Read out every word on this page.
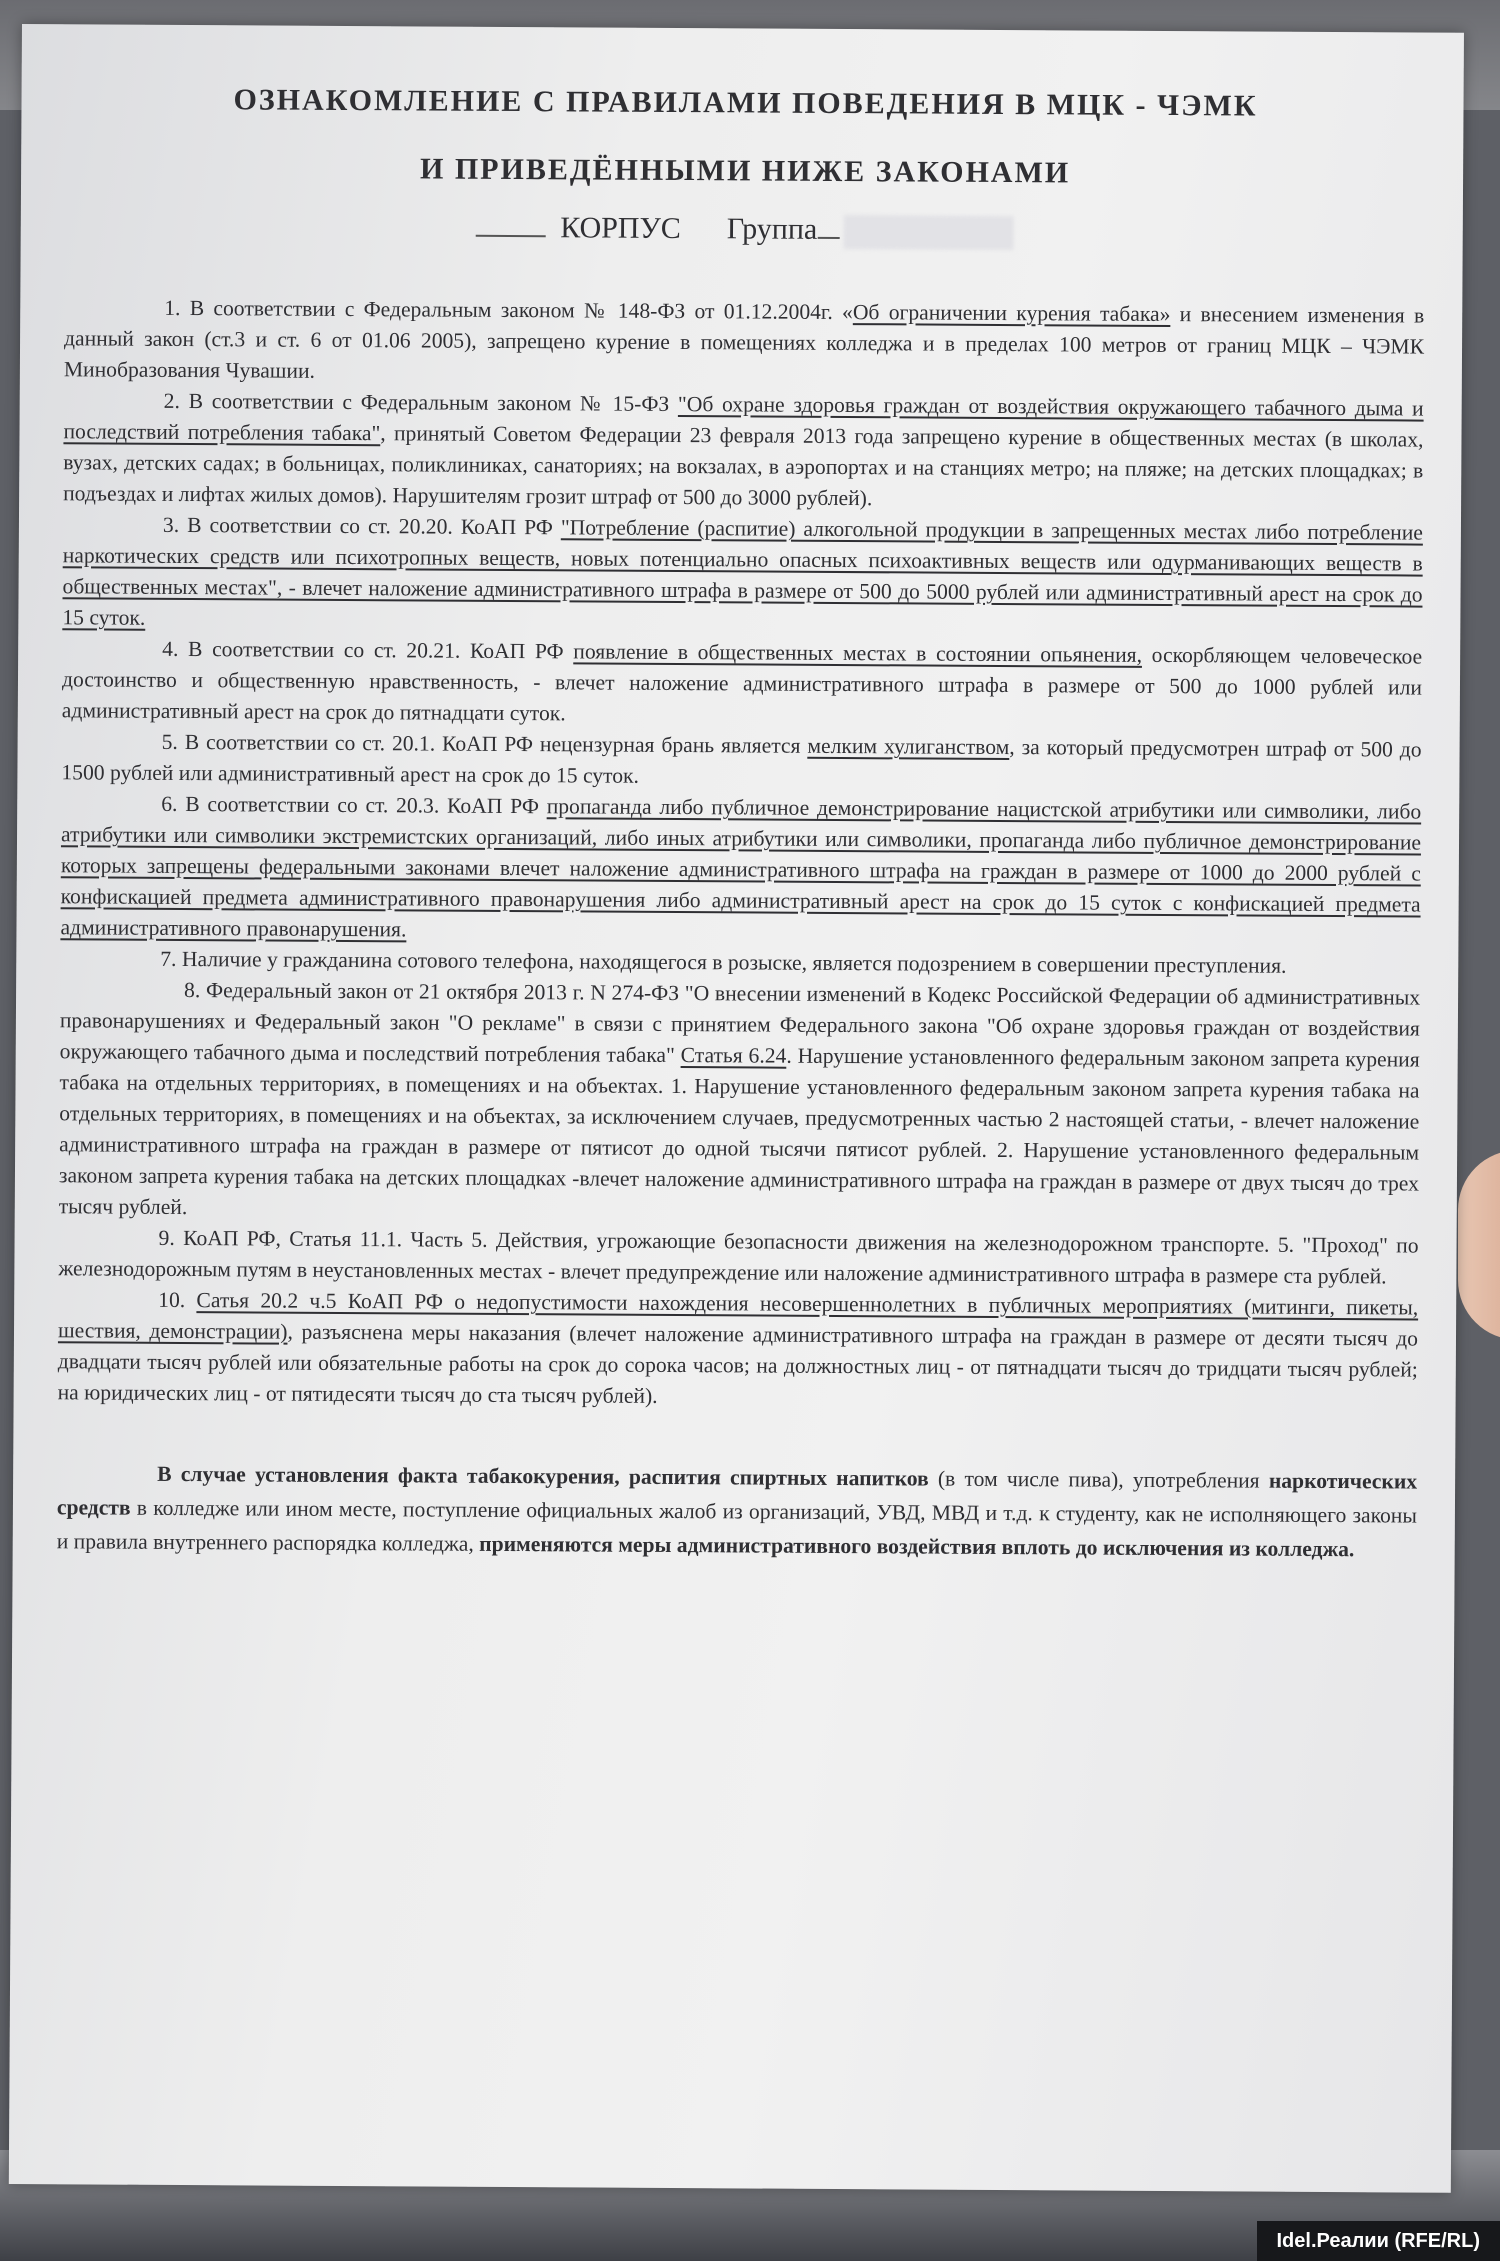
ОЗНАКОМЛЕНИЕ С ПРАВИЛАМИ ПОВЕДЕНИЯ В МЦК - ЧЭМК
И ПРИВЕДЁННЫМИ НИЖЕ ЗАКОНАМИ
КОРПУС Группа

1. В соответствии с Федеральным законом № 148-ФЗ от 01.12.2004г. «Об ограничении курения табака» и внесением изменения в данный закон (ст.3 и ст. 6 от 01.06 2005), запрещено курение в помещениях колледжа и в пределах 100 метров от границ МЦК – ЧЭМК Минобразования Чувашии.

2. В соответствии с Федеральным законом № 15-ФЗ "Об охране здоровья граждан от воздействия окружающего табачного дыма и последствий потребления табака", принятый Советом Федерации 23 февраля 2013 года запрещено курение в общественных местах (в школах, вузах, детских садах; в больницах, поликлиниках, санаториях; на вокзалах, в аэропортах и на станциях метро; на пляже; на детских площадках; в подъездах и лифтах жилых домов). Нарушителям грозит штраф от 500 до 3000 рублей).

3. В соответствии со ст. 20.20. КоАП РФ "Потребление (распитие) алкогольной продукции в запрещенных местах либо потребление наркотических средств или психотропных веществ, новых потенциально опасных психоактивных веществ или одурманивающих веществ в общественных местах", - влечет наложение административного штрафа в размере от 500 до 5000 рублей или административный арест на срок до 15 суток.

4. В соответствии со ст. 20.21. КоАП РФ появление в общественных местах в состоянии опьянения, оскорбляющем человеческое достоинство и общественную нравственность, - влечет наложение административного штрафа в размере от 500 до 1000 рублей или административный арест на срок до пятнадцати суток.

5. В соответствии со ст. 20.1. КоАП РФ нецензурная брань является мелким хулиганством, за который предусмотрен штраф от 500 до 1500 рублей или административный арест на срок до 15 суток.

6. В соответствии со ст. 20.3. КоАП РФ пропаганда либо публичное демонстрирование нацистской атрибутики или символики, либо атрибутики или символики экстремистских организаций, либо иных атрибутики или символики, пропаганда либо публичное демонстрирование которых запрещены федеральными законами влечет наложение административного штрафа на граждан в размере от 1000 до 2000 рублей с конфискацией предмета административного правонарушения либо административный арест на срок до 15 суток с конфискацией предмета административного правонарушения.

7. Наличие у гражданина сотового телефона, находящегося в розыске, является подозрением в совершении преступления.

8. Федеральный закон от 21 октября 2013 г. N 274-ФЗ "О внесении изменений в Кодекс Российской Федерации об административных правонарушениях и Федеральный закон "О рекламе" в связи с принятием Федерального закона "Об охране здоровья граждан от воздействия окружающего табачного дыма и последствий потребления табака" Статья 6.24. Нарушение установленного федеральным законом запрета курения табака на отдельных территориях, в помещениях и на объектах. 1. Нарушение установленного федеральным законом запрета курения табака на отдельных территориях, в помещениях и на объектах, за исключением случаев, предусмотренных частью 2 настоящей статьи, - влечет наложение административного штрафа на граждан в размере от пятисот до одной тысячи пятисот рублей. 2. Нарушение установленного федеральным законом запрета курения табака на детских площадках -влечет наложение административного штрафа на граждан в размере от двух тысяч до трех тысяч рублей.

9. КоАП РФ, Статья 11.1. Часть 5. Действия, угрожающие безопасности движения на железнодорожном транспорте. 5. "Проход" по железнодорожным путям в неустановленных местах - влечет предупреждение или наложение административного штрафа в размере ста рублей.

10. Сатья 20.2 ч.5 КоАП РФ о недопустимости нахождения несовершеннолетних в публичных мероприятиях (митинги, пикеты, шествия, демонстрации), разъяснена меры наказания (влечет наложение административного штрафа на граждан в размере от десяти тысяч до двадцати тысяч рублей или обязательные работы на срок до сорока часов; на должностных лиц - от пятнадцати тысяч до тридцати тысяч рублей; на юридических лиц - от пятидесяти тысяч до ста тысяч рублей).

В случае установления факта табакокурения, распития спиртных напитков (в том числе пива), употребления наркотических средств в колледже или ином месте, поступление официальных жалоб из организаций, УВД, МВД и т.д. к студенту, как не исполняющего законы и правила внутреннего распорядка колледжа, применяются меры административного воздействия вплоть до исключения из колледжа.
Idel.Реалии (RFE/RL)
